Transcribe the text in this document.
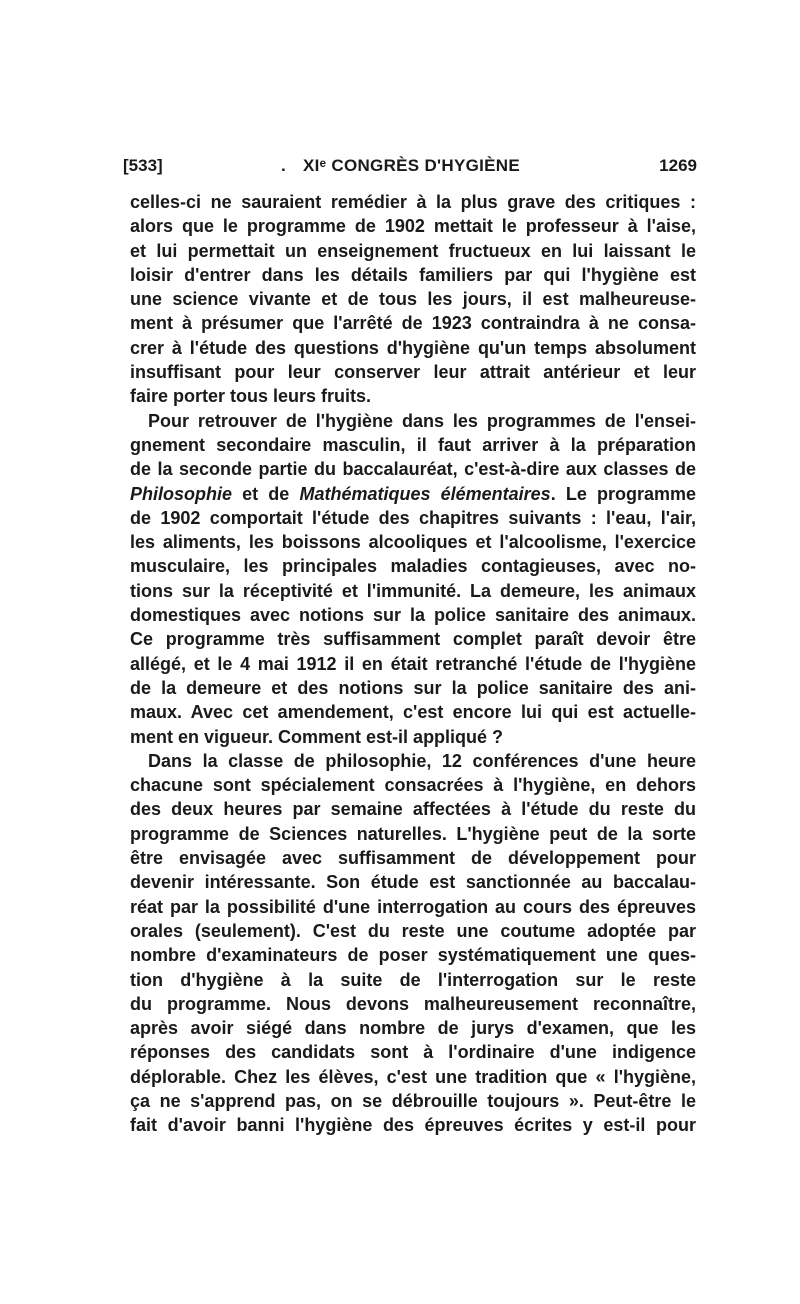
[533]	. XIᵉ CONGRÈS D'HYGIÈNE	1269
celles-ci ne sauraient remédier à la plus grave des critiques :
alors que le programme de 1902 mettait le professeur à l'aise,
et lui permettait un enseignement fructueux en lui laissant le
loisir d'entrer dans les détails familiers par qui l'hygiène est
une science vivante et de tous les jours, il est malheureuse-
ment à présumer que l'arrêté de 1923 contraindra à ne consa-
crer à l'étude des questions d'hygiène qu'un temps absolument
insuffisant pour leur conserver leur attrait antérieur et leur
faire porter tous leurs fruits.
Pour retrouver de l'hygiène dans les programmes de l'ensei-
gnement secondaire masculin, il faut arriver à la préparation
de la seconde partie du baccalauréat, c'est-à-dire aux classes de
Philosophie et de Mathématiques élémentaires. Le programme
de 1902 comportait l'étude des chapitres suivants : l'eau, l'air,
les aliments, les boissons alcooliques et l'alcoolisme, l'exercice
musculaire, les principales maladies contagieuses, avec no-
tions sur la réceptivité et l'immunité. La demeure, les animaux
domestiques avec notions sur la police sanitaire des animaux.
Ce programme très suffisamment complet paraît devoir être
allégé, et le 4 mai 1912 il en était retranché l'étude de l'hygiène
de la demeure et des notions sur la police sanitaire des ani-
maux. Avec cet amendement, c'est encore lui qui est actuelle-
ment en vigueur. Comment est-il appliqué ?
Dans la classe de philosophie, 12 conférences d'une heure
chacune sont spécialement consacrées à l'hygiène, en dehors
des deux heures par semaine affectées à l'étude du reste du
programme de Sciences naturelles. L'hygiène peut de la sorte
être envisagée avec suffisamment de développement pour
devenir intéressante. Son étude est sanctionnée au baccalau-
réat par la possibilité d'une interrogation au cours des épreuves
orales (seulement). C'est du reste une coutume adoptée par
nombre d'examinateurs de poser systématiquement une ques-
tion d'hygiène à la suite de l'interrogation sur le reste
du programme. Nous devons malheureusement reconnaître,
après avoir siégé dans nombre de jurys d'examen, que les
réponses des candidats sont à l'ordinaire d'une indigence
déplorable. Chez les élèves, c'est une tradition que « l'hygiène,
ça ne s'apprend pas, on se débrouille toujours ». Peut-être le
fait d'avoir banni l'hygiène des épreuves écrites y est-il pour
